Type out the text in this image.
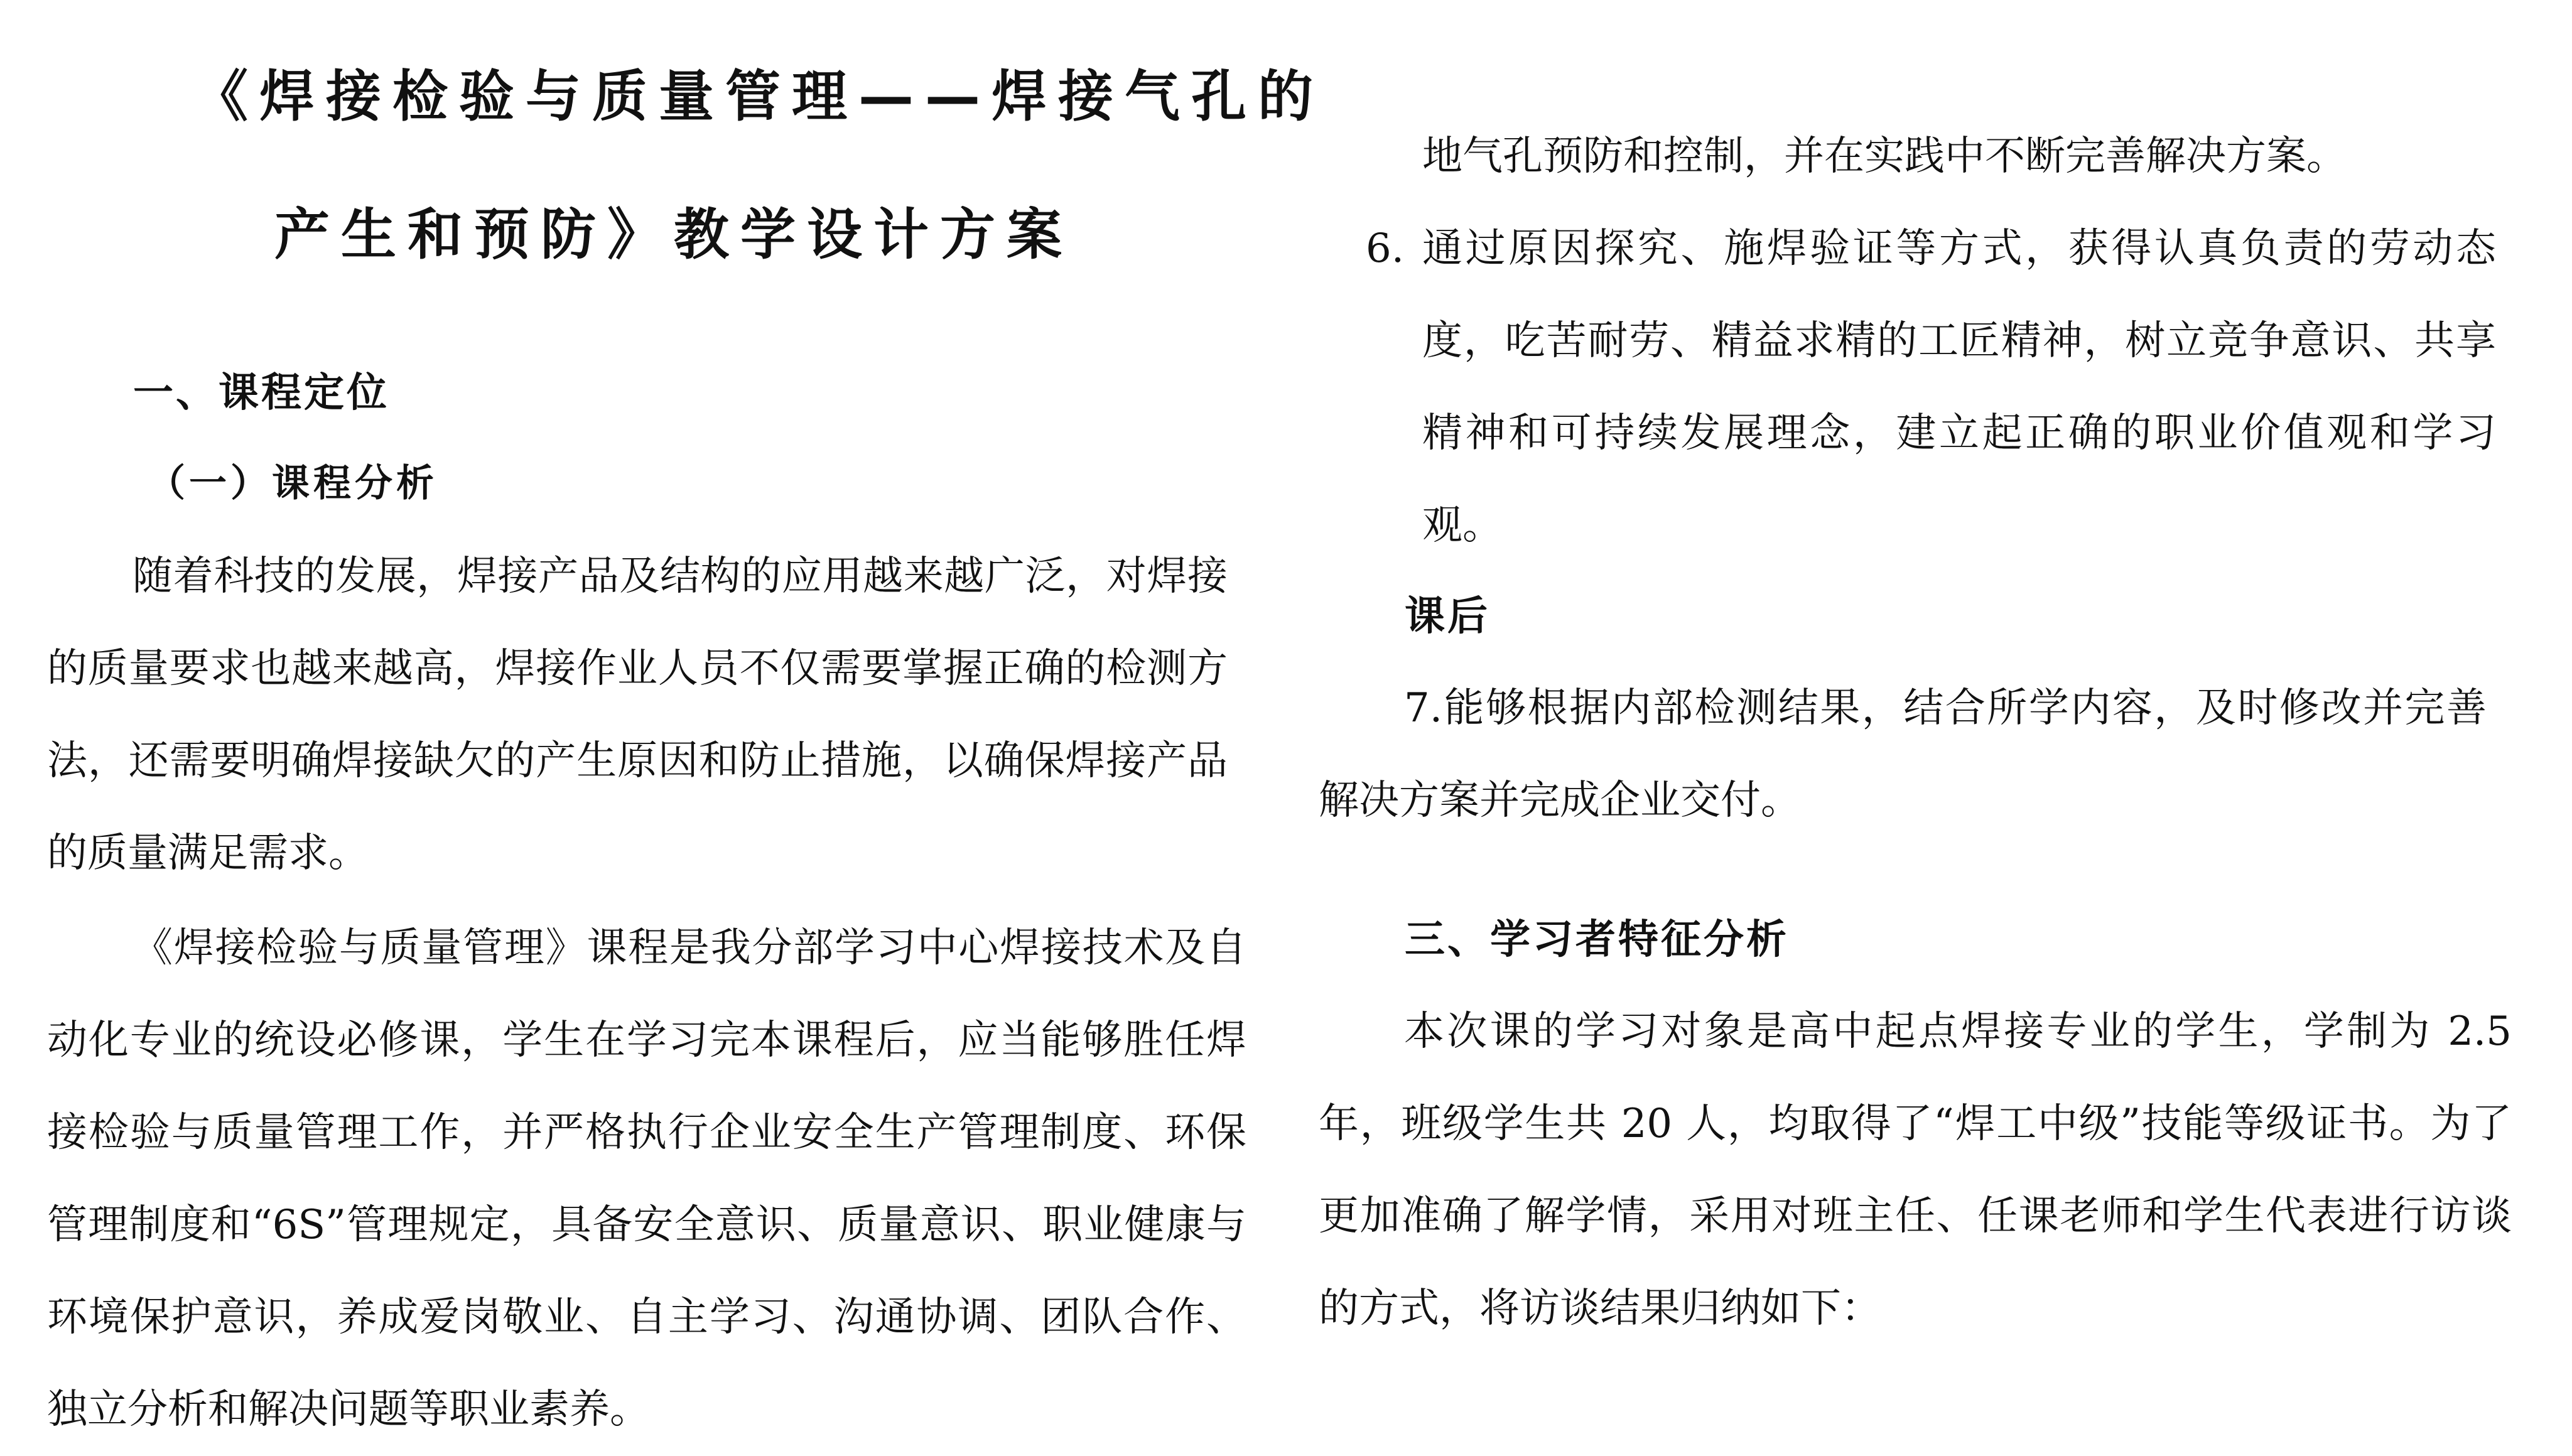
《焊接检验与质量管理——焊接气孔的
产生和预防》教学设计方案
一、课程定位
（一）课程分析

随着科技的发展，焊接产品及结构的应用越来越广泛，对焊接的质量要求也越来越高，焊接作业人员不仅需要掌握正确的检测方法，还需要明确焊接缺欠的产生原因和防止措施，以确保焊接产品的质量满足需求。

《焊接检验与质量管理》课程是我分部学习中心焊接技术及自动化专业的统设必修课，学生在学习完本课程后，应当能够胜任焊接检验与质量管理工作，并严格执行企业安全生产管理制度、环保管理制度和“6S”管理规定，具备安全意识、质量意识、职业健康与环境保护意识，养成爱岗敬业、自主学习、沟通协调、团队合作、独立分析和解决问题等职业素养。

地气孔预防和控制，并在实践中不断完善解决方案。

6. 通过原因探究、施焊验证等方式，获得认真负责的劳动态度，吃苦耐劳、精益求精的工匠精神，树立竞争意识、共享精神和可持续发展理念，建立起正确的职业价值观和学习观。
课后

7.能够根据内部检测结果，结合所学内容，及时修改并完善解决方案并完成企业交付。

三、学习者特征分析

本次课的学习对象是高中起点焊接专业的学生，学制为 2.5 年，班级学生共 20 人，均取得了“焊工中级”技能等级证书。为了更加准确了解学情，采用对班主任、任课老师和学生代表进行访谈的方式，将访谈结果归纳如下：
